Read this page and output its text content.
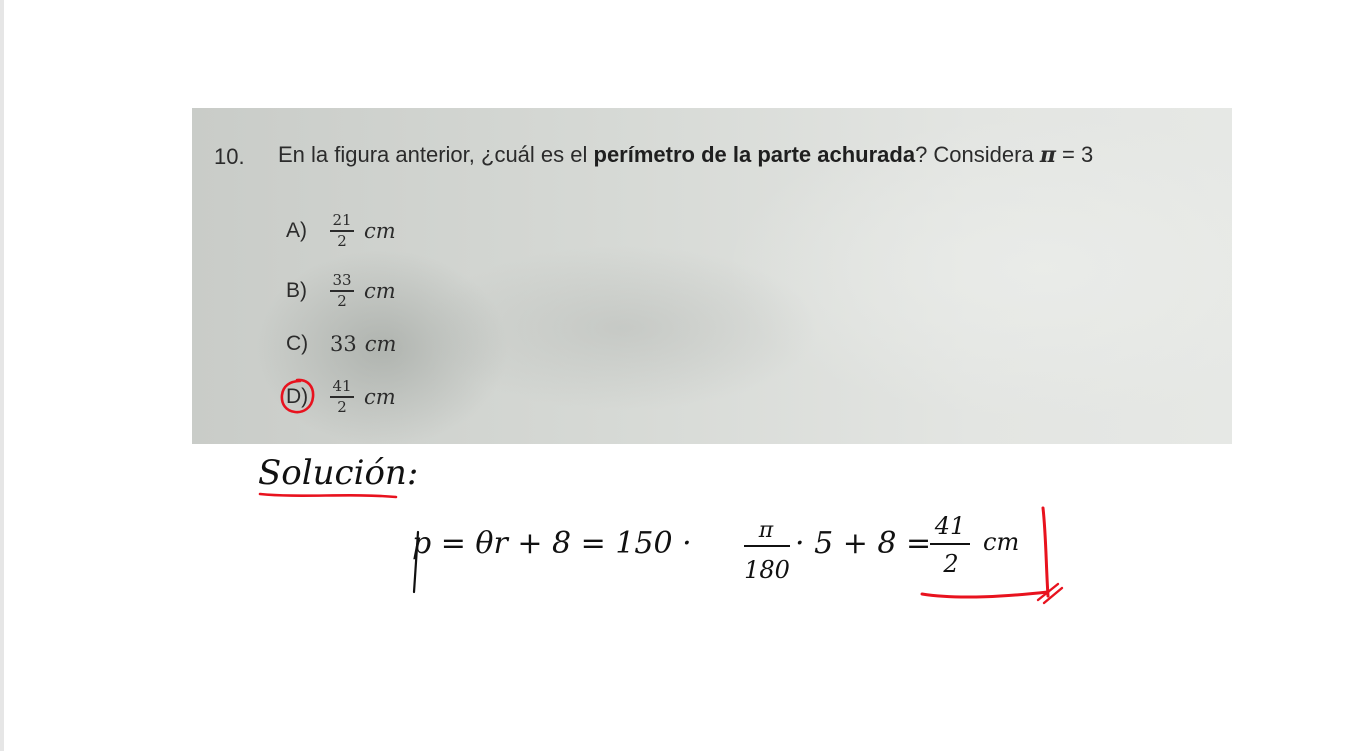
10. En la figura anterior, ¿cuál es el perímetro de la parte achurada? Considera π = 3
A)	$\frac{21}{2}$ cm
B)	$\frac{33}{2}$ cm
C)	33 cm
D)	$\frac{41}{2}$ cm
Solución:
p = θr + 8 = 150 ·	π
180
· 5 + 8 = 41
2
cm
